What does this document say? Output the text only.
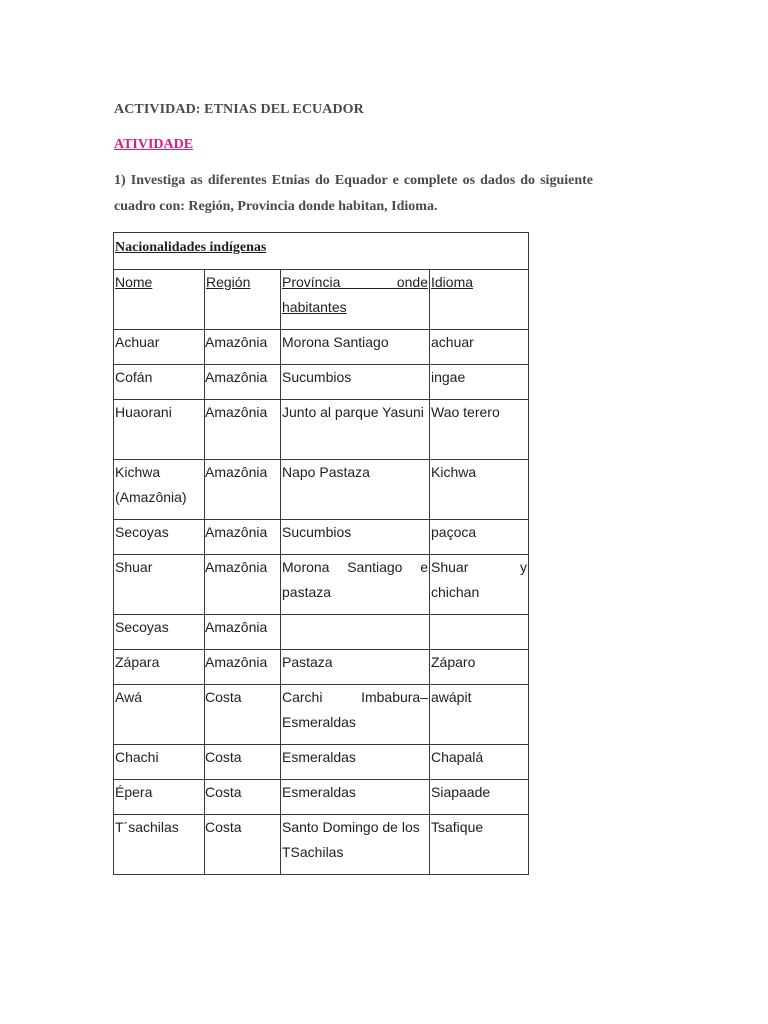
ACTIVIDAD: ETNIAS DEL ECUADOR
ATIVIDADE
1) Investiga as diferentes Etnias do Equador e complete os dados do siguiente cuadro con: Región, Provincia donde habitan, Idioma.
Nacionalidades indígenas			
Nome	Región	Província onde habitantes	Idioma
Achuar	Amazônia	Morona Santiago	achuar
Cofán	Amazônia	Sucumbios	ingae
Huaorani	Amazônia	Junto al parque Yasuni	Wao terero
Kichwa (Amazônia)	Amazônia	Napo Pastaza	Kichwa
Secoyas	Amazônia	Sucumbios	paçoca
Shuar	Amazônia	Morona Santiago e pastaza	Shuar y chichan
Secoyas	Amazônia		
Zápara	Amazônia	Pastaza	Záparo
Awá	Costa	Carchi Imbabura–Esmeraldas	awápit
Chachi	Costa	Esmeraldas	Chapalá
Épera	Costa	Esmeraldas	Siapaade
T´sachilas	Costa	Santo Domingo de los TSachilas	Tsafique
